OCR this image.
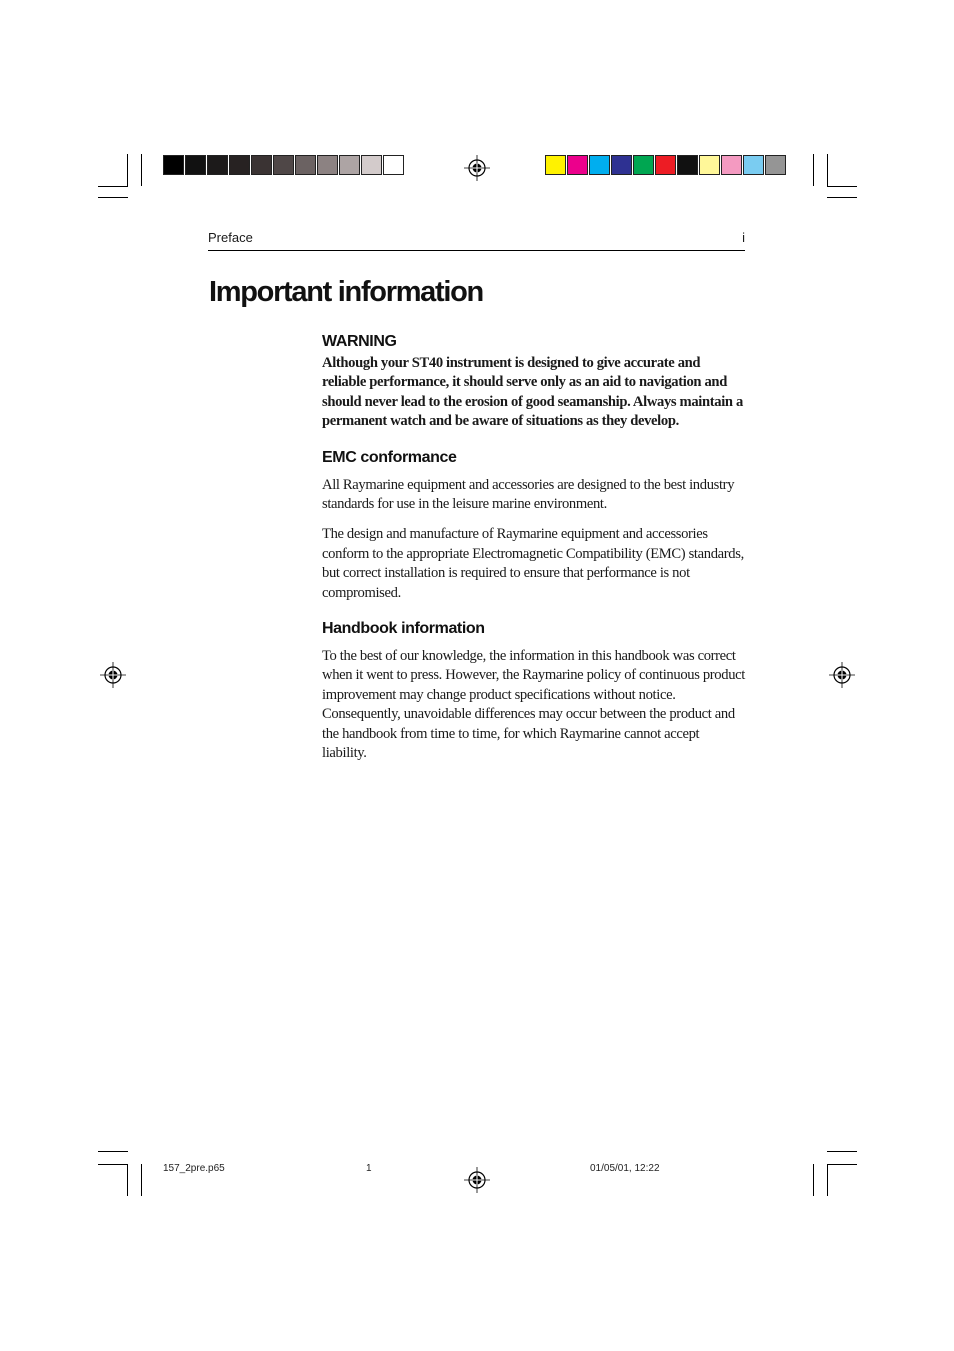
Preface	i
Important information
WARNING

Although your ST40 instrument is designed to give accurate and reliable performance, it should serve only as an aid to navigation and should never lead to the erosion of good seamanship. Always maintain a permanent watch and be aware of situations as they develop.

EMC conformance

All Raymarine equipment and accessories are designed to the best industry standards for use in the leisure marine environment.

The design and manufacture of Raymarine equipment and accessories conform to the appropriate Electromagnetic Compatibility (EMC) standards, but correct installation is required to ensure that performance is not compromised.

Handbook information

To the best of our knowledge, the information in this handbook was correct when it went to press. However, the Raymarine policy of continuous product improvement may change product specifications without notice. Consequently, unavoidable differences may occur between the product and the handbook from time to time, for which Raymarine cannot accept liability.

157_2pre.p65	1	01/05/01, 12:22
